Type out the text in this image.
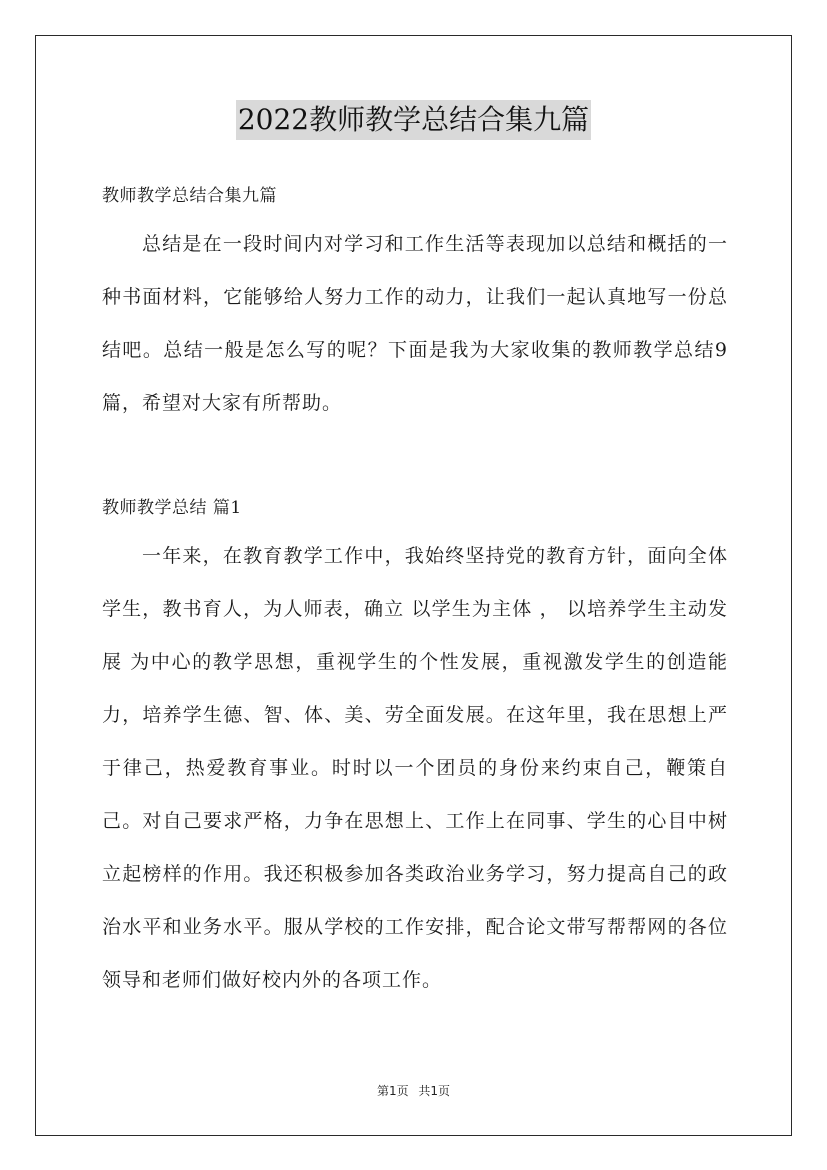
2022教师教学总结合集九篇

教师教学总结合集九篇

总结是在一段时间内对学习和工作生活等表现加以总结和概括的一种书面材料，它能够给人努力工作的动力，让我们一起认真地写一份总结吧。总结一般是怎么写的呢？下面是我为大家收集的教师教学总结9篇，希望对大家有所帮助。

教师教学总结 篇1

一年来，在教育教学工作中，我始终坚持党的教育方针，面向全体学生，教书育人，为人师表，确立 以学生为主体 ， 以培养学生主动发展 为中心的教学思想，重视学生的个性发展，重视激发学生的创造能力，培养学生德、智、体、美、劳全面发展。在这年里，我在思想上严于律己，热爱教育事业。时时以一个团员的身份来约束自己，鞭策自己。对自己要求严格，力争在思想上、工作上在同事、学生的心目中树立起榜样的作用。我还积极参加各类政治业务学习，努力提高自己的政治水平和业务水平。服从学校的工作安排，配合论文带写帮帮网的各位领导和老师们做好校内外的各项工作。

第1页 共1页
